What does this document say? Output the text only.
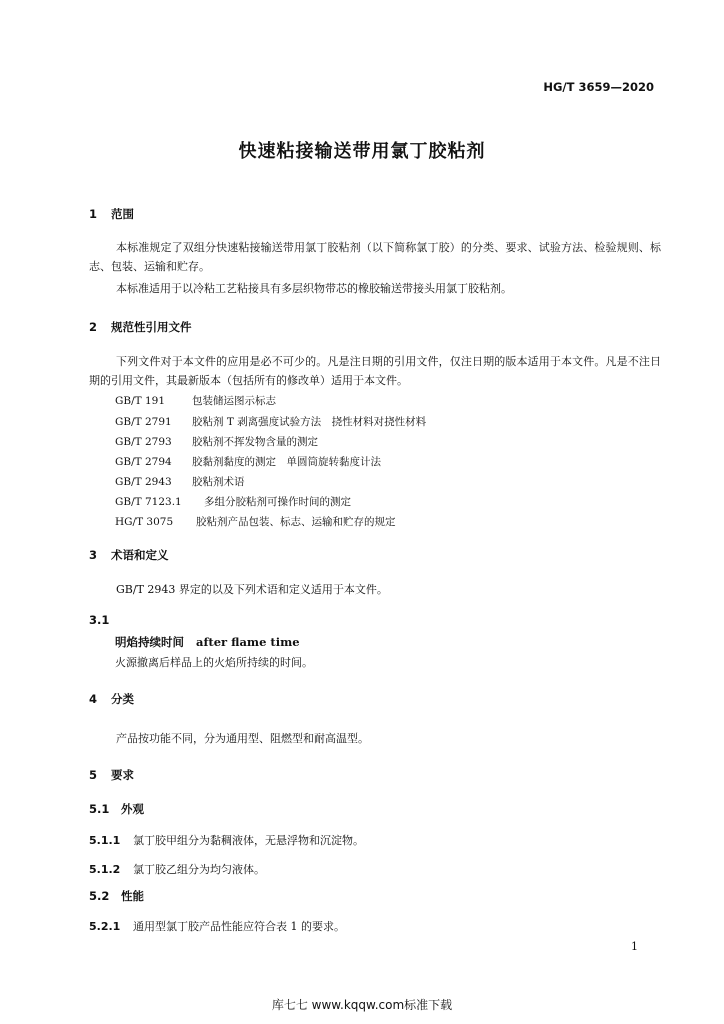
HG/T 3659—2020
快速粘接输送带用氯丁胶粘剂
1 范围
本标准规定了双组分快速粘接输送带用氯丁胶粘剂（以下简称氯丁胶）的分类、要求、试验方法、检验规则、标志、包装、运输和贮存。
本标准适用于以冷粘工艺粘接具有多层织物带芯的橡胶输送带接头用氯丁胶粘剂。
2 规范性引用文件
下列文件对于本文件的应用是必不可少的。凡是注日期的引用文件，仅注日期的版本适用于本文件。凡是不注日期的引用文件，其最新版本（包括所有的修改单）适用于本文件。
GB/T 191	包装储运图示标志
GB/T 2791 胶粘剂 T 剥离强度试验方法　挠性材料对挠性材料
GB/T 2793 胶粘剂不挥发物含量的测定
GB/T 2794 胶黏剂黏度的测定　单圆筒旋转黏度计法
GB/T 2943 胶粘剂术语
GB/T 7123.1 多组分胶粘剂可操作时间的测定
HG/T 3075 胶粘剂产品包装、标志、运输和贮存的规定
3 术语和定义
GB/T 2943 界定的以及下列术语和定义适用于本文件。
3.1
明焰持续时间 after flame time
火源撤离后样品上的火焰所持续的时间。
4 分类
产品按功能不同，分为通用型、阻燃型和耐高温型。
5 要求
5.1 外观
5.1.1 氯丁胶甲组分为黏稠液体，无悬浮物和沉淀物。
5.1.2 氯丁胶乙组分为均匀液体。
5.2 性能
5.2.1 通用型氯丁胶产品性能应符合表 1 的要求。
1
库七七 www.kqqw.com标准下载
